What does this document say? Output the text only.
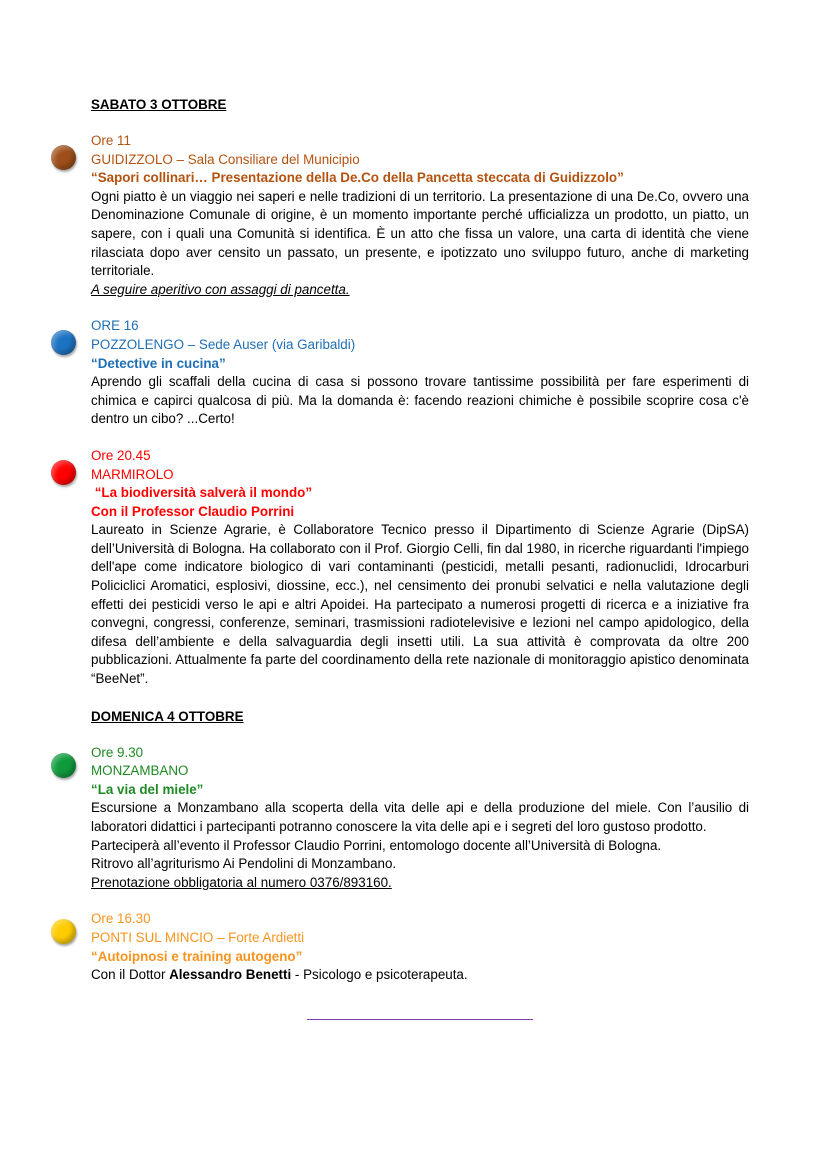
SABATO 3 OTTOBRE
Ore 11
GUIDIZZOLO – Sala Consiliare del Municipio
“Sapori collinari… Presentazione della De.Co della Pancetta steccata di Guidizzolo”
Ogni piatto è un viaggio nei saperi e nelle tradizioni di un territorio. La presentazione di una De.Co, ovvero una Denominazione Comunale di origine, è un momento importante perché ufficializza un prodotto, un piatto, un sapere, con i quali una Comunità si identifica. È un atto che fissa un valore, una carta di identità che viene rilasciata dopo aver censito un passato, un presente, e ipotizzato uno sviluppo futuro, anche di marketing territoriale.
A seguire aperitivo con assaggi di pancetta.
ORE 16
POZZOLENGO – Sede Auser (via Garibaldi)
“Detective in cucina”
Aprendo gli scaffali della cucina di casa si possono trovare tantissime possibilità per fare esperimenti di chimica e capirci qualcosa di più. Ma la domanda è: facendo reazioni chimiche è possibile scoprire cosa c'è dentro un cibo? ...Certo!
Ore 20.45
MARMIROLO
“La biodiversità salverà il mondo”
Con il Professor Claudio Porrini
Laureato in Scienze Agrarie, è Collaboratore Tecnico presso il Dipartimento di Scienze Agrarie (DipSA) dell’Università di Bologna. Ha collaborato con il Prof. Giorgio Celli, fin dal 1980, in ricerche riguardanti l'impiego dell'ape come indicatore biologico di vari contaminanti (pesticidi, metalli pesanti, radionuclidi, Idrocarburi Policiclici Aromatici, esplosivi, diossine, ecc.), nel censimento dei pronubi selvatici e nella valutazione degli effetti dei pesticidi verso le api e altri Apoidei. Ha partecipato a numerosi progetti di ricerca e a iniziative fra convegni, congressi, conferenze, seminari, trasmissioni radiotelevisive e lezioni nel campo apidologico, della difesa dell’ambiente e della salvaguardia degli insetti utili. La sua attività è comprovata da oltre 200 pubblicazioni. Attualmente fa parte del coordinamento della rete nazionale di monitoraggio apistico denominata “BeeNet”.
DOMENICA 4 OTTOBRE
Ore 9.30
MONZAMBANO
“La via del miele”
Escursione a Monzambano alla scoperta della vita delle api e della produzione del miele. Con l’ausilio di laboratori didattici i partecipanti potranno conoscere la vita delle api e i segreti del loro gustoso prodotto.
Parteciperà all’evento il Professor Claudio Porrini, entomologo docente all’Università di Bologna.
Ritrovo all’agriturismo Ai Pendolini di Monzambano.
Prenotazione obbligatoria al numero 0376/893160.
Ore 16.30
PONTI SUL MINCIO – Forte Ardietti
“Autoipnosi e training autogeno”
Con il Dottor Alessandro Benetti - Psicologo e psicoterapeuta.
